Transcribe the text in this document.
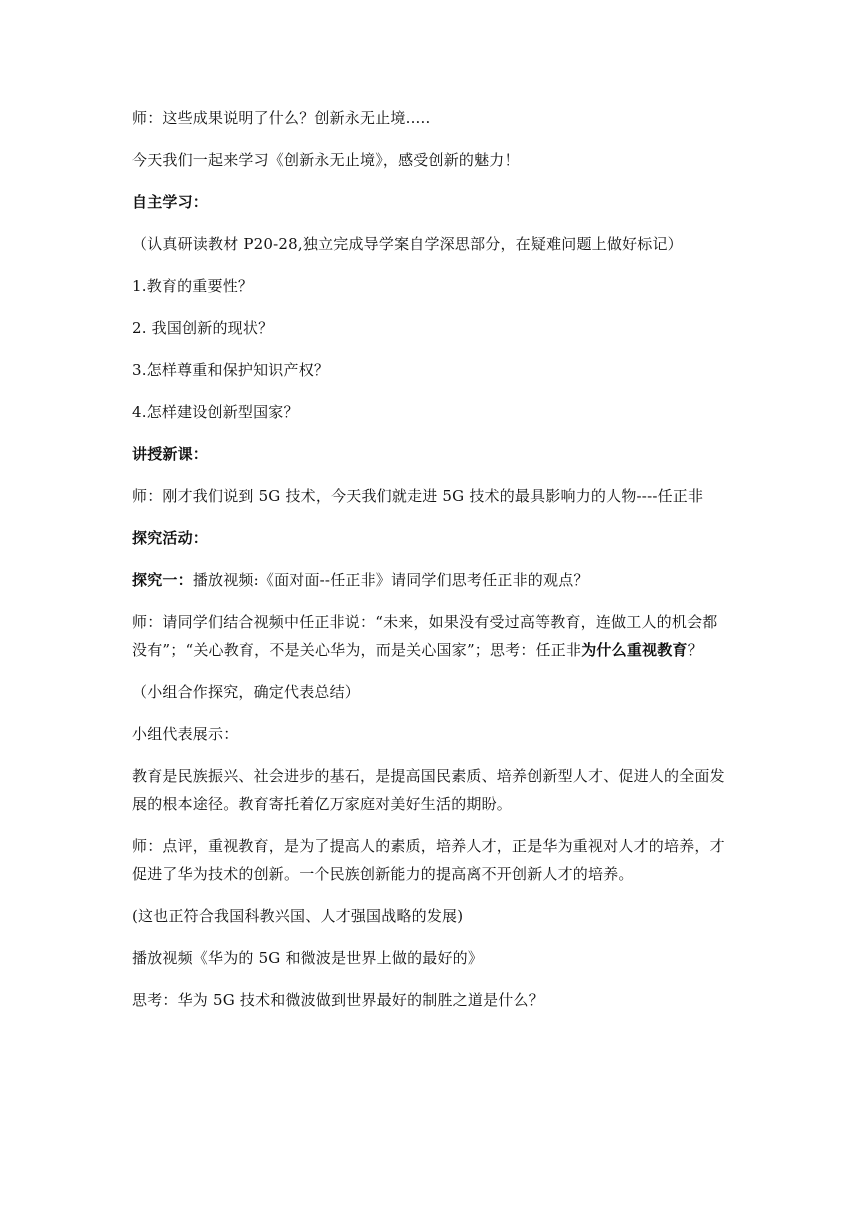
师：这些成果说明了什么？创新永无止境.....

今天我们一起来学习《创新永无止境》，感受创新的魅力！

自主学习：

（认真研读教材 P20-28,独立完成导学案自学深思部分，在疑难问题上做好标记）

1.教育的重要性？

2. 我国创新的现状？

3.怎样尊重和保护知识产权？

4.怎样建设创新型国家？

讲授新课：

师：刚才我们说到 5G 技术，今天我们就走进 5G 技术的最具影响力的人物----任正非

探究活动：

探究一：播放视频:《面对面--任正非》请同学们思考任正非的观点？

师：请同学们结合视频中任正非说：“未来，如果没有受过高等教育，连做工人的机会都没有”；“关心教育，不是关心华为，而是关心国家”；思考：任正非为什么重视教育？

（小组合作探究，确定代表总结）

小组代表展示：

教育是民族振兴、社会进步的基石，是提高国民素质、培养创新型人才、促进人的全面发展的根本途径。教育寄托着亿万家庭对美好生活的期盼。

师：点评，重视教育，是为了提高人的素质，培养人才，正是华为重视对人才的培养，才促进了华为技术的创新。一个民族创新能力的提高离不开创新人才的培养。

(这也正符合我国科教兴国、人才强国战略的发展)

播放视频《华为的 5G 和微波是世界上做的最好的》

思考：华为 5G 技术和微波做到世界最好的制胜之道是什么？
